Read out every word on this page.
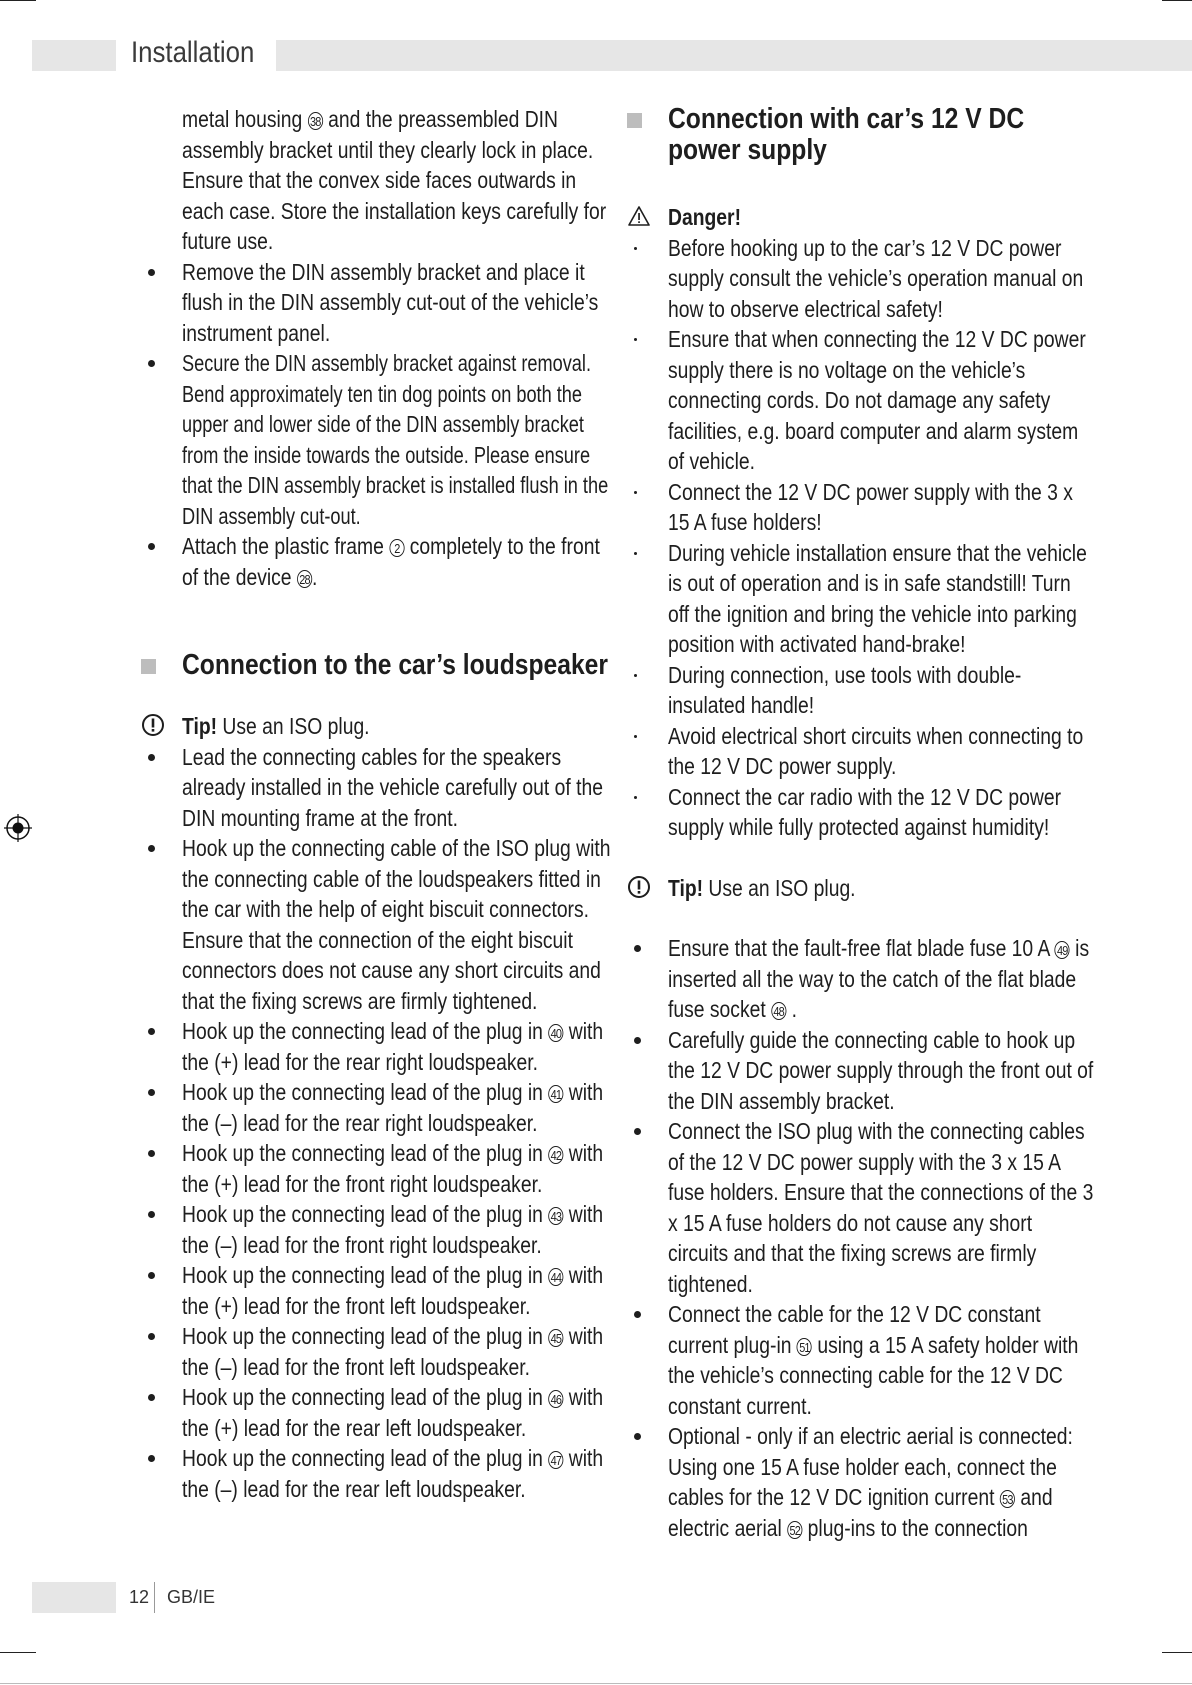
Installation
metal housing 38 and the preassembled DIN assembly bracket until they clearly lock in place. Ensure that the convex side faces outwards in each case. Store the installation keys carefully for future use.
Remove the DIN assembly bracket and place it flush in the DIN assembly cut-out of the vehicle’s instrument panel.
Secure the DIN assembly bracket against removal. Bend approximately ten tin dog points on both the upper and lower side of the DIN assembly bracket from the inside towards the outside. Please ensure that the DIN assembly bracket is installed flush in the DIN assembly cut-out.
Attach the plastic frame 2 completely to the front of the device 28 .
Connection to the car’s loudspeaker
Tip! Use an ISO plug.
Lead the connecting cables for the speakers already installed in the vehicle carefully out of the DIN mounting frame at the front.
Hook up the connecting cable of the ISO plug with the connecting cable of the loudspeakers fitted in the car with the help of eight biscuit connectors. Ensure that the connection of the eight biscuit connectors does not cause any short circuits and that the fixing screws are firmly tightened.
Hook up the connecting lead of the plug in 40 with the (+) lead for the rear right loudspeaker.
Hook up the connecting lead of the plug in 41 with the (–) lead for the rear right loudspeaker.
Hook up the connecting lead of the plug in 42 with the (+) lead for the front right loudspeaker.
Hook up the connecting lead of the plug in 43 with the (–) lead for the front right loudspeaker.
Hook up the connecting lead of the plug in 44 with the (+) lead for the front left loudspeaker.
Hook up the connecting lead of the plug in 45 with the (–) lead for the front left loudspeaker.
Hook up the connecting lead of the plug in 46 with the (+) lead for the rear left loudspeaker.
Hook up the connecting lead of the plug in 47 with the (–) lead for the rear left loudspeaker.
Connection with car’s 12 V DC power supply
Danger!
Before hooking up to the car’s 12 V DC power supply consult the vehicle’s operation manual on how to observe electrical safety!
Ensure that when connecting the 12 V DC power supply there is no voltage on the vehicle’s connecting cords. Do not damage any safety facilities, e.g. board computer and alarm system of vehicle.
Connect the 12 V DC power supply with the 3 x 15 A fuse holders!
During vehicle installation ensure that the vehicle is out of operation and is in safe standstill! Turn off the ignition and bring the vehicle into parking position with activated hand-brake!
During connection, use tools with double-insulated handle!
Avoid electrical short circuits when connecting to the 12 V DC power supply.
Connect the car radio with the 12 V DC power supply while fully protected against humidity!
Tip! Use an ISO plug.
Ensure that the fault-free flat blade fuse 10 A 49 is inserted all the way to the catch of the flat blade fuse socket 48 .
Carefully guide the connecting cable to hook up the 12 V DC power supply through the front out of the DIN assembly bracket.
Connect the ISO plug with the connecting cables of the 12 V DC power supply with the 3 x 15 A fuse holders. Ensure that the connections of the 3 x 15 A fuse holders do not cause any short circuits and that the fixing screws are firmly tightened.
Connect the cable for the 12 V DC constant current plug-in 51 using a 15 A safety holder with the vehicle’s connecting cable for the 12 V DC constant current.
Optional - only if an electric aerial is connected: Using one 15 A fuse holder each, connect the cables for the 12 V DC ignition current 53 and electric aerial 52 plug-ins to the connection
12 GB/IE
